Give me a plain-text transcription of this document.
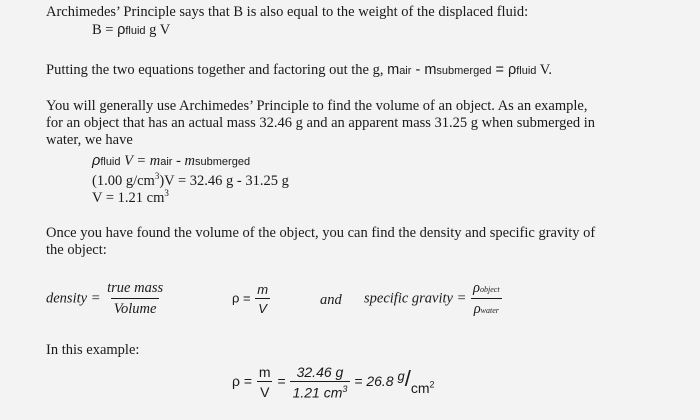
Archimedes’ Principle says that B is also equal to the weight of the displaced fluid:
B = ρfluid g V
Putting the two equations together and factoring out the g, mair - msubmerged = ρfluid V.
You will generally use Archimedes’ Principle to find the volume of an object. As an example,
for an object that has an actual mass 32.46 g and an apparent mass 31.25 g when submerged in
water, we have
ρfluid V = mair - msubmerged
(1.00 $g/cm^3)V = 32.46$ g - 31.25 g
V = 1.21 $cm^3$
Once you have found the volume of the object, you can find the density and specific gravity of
the object:
density = $\frac{\text{true mass}}{\text{Volume}}$	$\rho = \frac{m}{V}$	and specific gravity = $\frac{\text{ρobject}}{\text{ρwater}}$
In this example:
$\rho = \frac{m}{V} = \frac{32.46 g}{1.21 cm^3} = 26.8$ $^g/cm^2$
